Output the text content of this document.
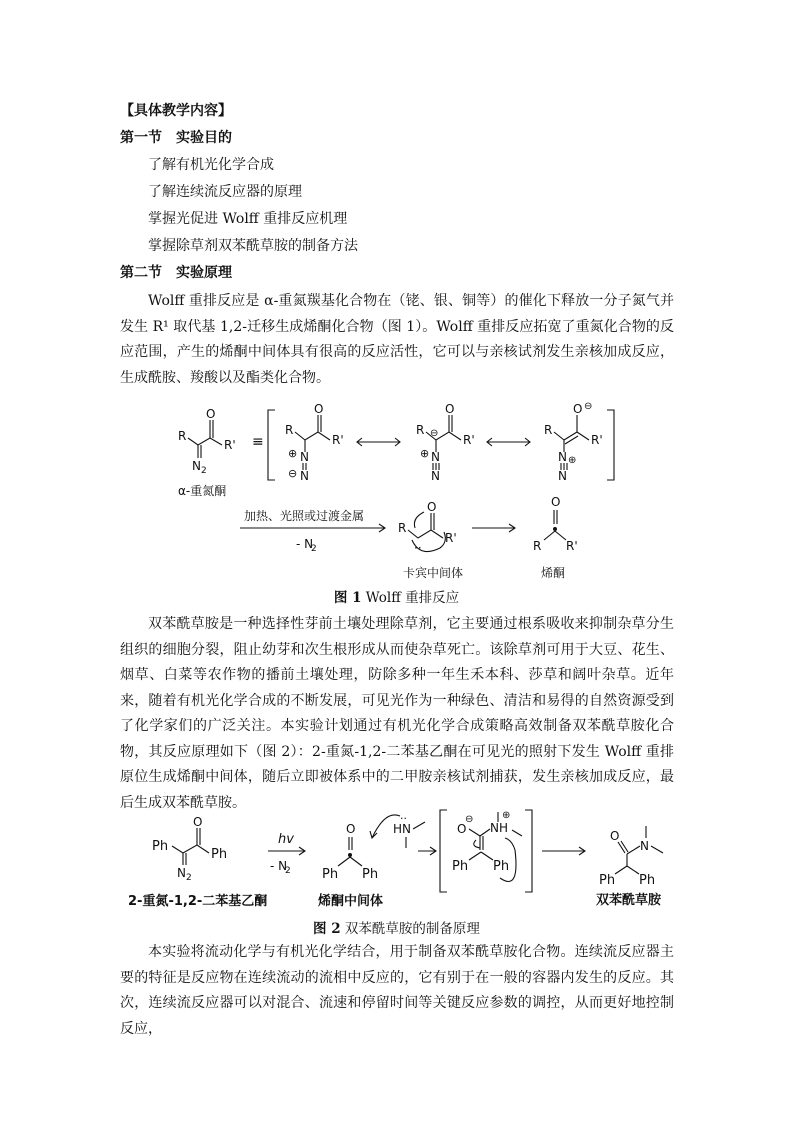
【具体教学内容】
第一节　实验目的
了解有机光化学合成
了解连续流反应器的原理
掌握光促进 Wolff 重排反应机理
掌握除草剂双苯酰草胺的制备方法
第二节　实验原理

Wolff 重排反应是 α-重氮羰基化合物在（铑、银、铜等）的催化下释放一分子氮气并发生 R¹ 取代基 1,2-迁移生成烯酮化合物（图 1）。Wolff 重排反应拓宽了重氮化合物的反应范围，产生的烯酮中间体具有很高的反应活性，它可以与亲核试剂发生亲核加成反应，生成酰胺、羧酸以及酯类化合物。

R
O
R'
N 2
≡
R
O
R'
⊕ N
⊖ N
R
O
R'
⊖
⊕ N
N
R
O ⊖
R'
N ⊕
N
α-重氮酮
加热、光照或过渡金属
- N
2
R
O
R'
··
卡宾中间体
O
R R'
烯酮
图 1 Wolff 重排反应

双苯酰草胺是一种选择性芽前土壤处理除草剂，它主要通过根系吸收来抑制杂草分生组织的细胞分裂，阻止幼芽和次生根形成从而使杂草死亡。该除草剂可用于大豆、花生、烟草、白菜等农作物的播前土壤处理，防除多种一年生禾本科、莎草和阔叶杂草。近年来，随着有机光化学合成的不断发展，可见光作为一种绿色、清洁和易得的自然资源受到了化学家们的广泛关注。本实验计划通过有机光化学合成策略高效制备双苯酰草胺化合物，其反应原理如下（图 2）：2-重氮-1,2-二苯基乙酮在可见光的照射下发生 Wolff 重排原位生成烯酮中间体，随后立即被体系中的二甲胺亲核试剂捕获，发生亲核加成反应，最后生成双苯酰草胺。

Ph
O
Ph
N 2
2-重氮-1,2-二苯基乙酮
hv
- N
2
O
Ph Ph
烯酮中间体
HN
··
O
⊖
NH
⊕
Ph Ph
O
N
Ph Ph
双苯酰草胺
图 2 双苯酰草胺的制备原理

本实验将流动化学与有机光化学结合，用于制备双苯酰草胺化合物。连续流反应器主要的特征是反应物在连续流动的流相中反应的，它有别于在一般的容器内发生的反应。其次，连续流反应器可以对混合、流速和停留时间等关键反应参数的调控，从而更好地控制反应，
